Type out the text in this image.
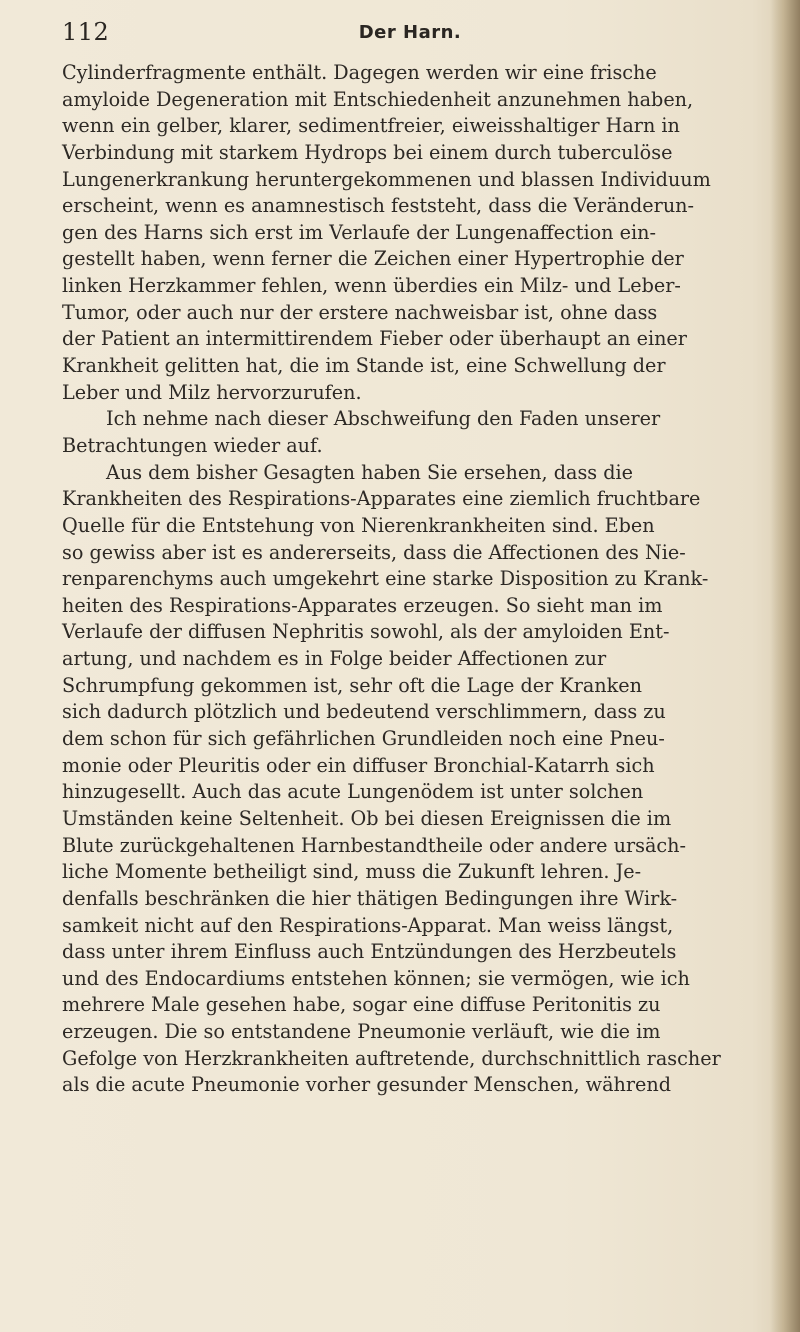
112	Der Harn.
Cylinderfragmente enthält. Dagegen werden wir eine frische
amyloide Degeneration mit Entschiedenheit anzunehmen haben,
wenn ein gelber, klarer, sedimentfreier, eiweisshaltiger Harn in
Verbindung mit starkem Hydrops bei einem durch tuberculöse
Lungenerkrankung heruntergekommenen und blassen Individuum
erscheint, wenn es anamnestisch feststeht, dass die Veränderun-
gen des Harns sich erst im Verlaufe der Lungenaffection ein-
gestellt haben, wenn ferner die Zeichen einer Hypertrophie der
linken Herzkammer fehlen, wenn überdies ein Milz- und Leber-
Tumor, oder auch nur der erstere nachweisbar ist, ohne dass
der Patient an intermittirendem Fieber oder überhaupt an einer
Krankheit gelitten hat, die im Stande ist, eine Schwellung der
Leber und Milz hervorzurufen.
Ich nehme nach dieser Abschweifung den Faden unserer
Betrachtungen wieder auf.
Aus dem bisher Gesagten haben Sie ersehen, dass die
Krankheiten des Respirations-Apparates eine ziemlich fruchtbare
Quelle für die Entstehung von Nierenkrankheiten sind. Eben
so gewiss aber ist es andererseits, dass die Affectionen des Nie-
renparenchyms auch umgekehrt eine starke Disposition zu Krank-
heiten des Respirations-Apparates erzeugen. So sieht man im
Verlaufe der diffusen Nephritis sowohl, als der amyloiden Ent-
artung, und nachdem es in Folge beider Affectionen zur
Schrumpfung gekommen ist, sehr oft die Lage der Kranken
sich dadurch plötzlich und bedeutend verschlimmern, dass zu
dem schon für sich gefährlichen Grundleiden noch eine Pneu-
monie oder Pleuritis oder ein diffuser Bronchial-Katarrh sich
hinzugesellt. Auch das acute Lungenödem ist unter solchen
Umständen keine Seltenheit. Ob bei diesen Ereignissen die im
Blute zurückgehaltenen Harnbestandtheile oder andere ursäch-
liche Momente betheiligt sind, muss die Zukunft lehren. Je-
denfalls beschränken die hier thätigen Bedingungen ihre Wirk-
samkeit nicht auf den Respirations-Apparat. Man weiss längst,
dass unter ihrem Einfluss auch Entzündungen des Herzbeutels
und des Endocardiums entstehen können; sie vermögen, wie ich
mehrere Male gesehen habe, sogar eine diffuse Peritonitis zu
erzeugen. Die so entstandene Pneumonie verläuft, wie die im
Gefolge von Herzkrankheiten auftretende, durchschnittlich rascher
als die acute Pneumonie vorher gesunder Menschen, während
